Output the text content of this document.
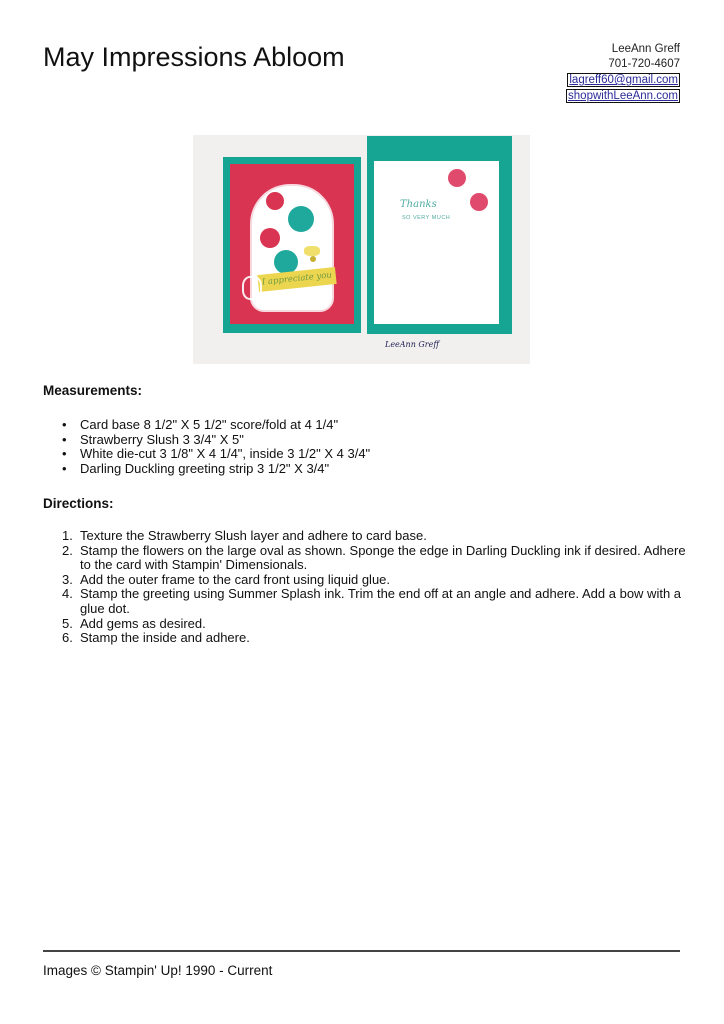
May Impressions Abloom	LeeAnn Greff
701-720-4607
lagreff60@gmail.com
shopwithLeeAnn.com
I appreciate you
Thanks
SO VERY MUCH
LeeAnn Greff
Measurements:
• Card base 8 1/2" X 5 1/2" score/fold at 4 1/4"
• Strawberry Slush 3 3/4" X 5"
• White die-cut 3 1/8" X 4 1/4", inside 3 1/2" X 4 3/4"
• Darling Duckling greeting strip 3 1/2" X 3/4"
Directions:
1. Texture the Strawberry Slush layer and adhere to card base.
2. Stamp the flowers on the large oval as shown. Sponge the edge in Darling Duckling ink if desired. Adhere to the card with Stampin' Dimensionals.
3. Add the outer frame to the card front using liquid glue.
4. Stamp the greeting using Summer Splash ink. Trim the end off at an angle and adhere. Add a bow with a glue dot.
5. Add gems as desired.
6. Stamp the inside and adhere.
Images © Stampin' Up! 1990 - Current
